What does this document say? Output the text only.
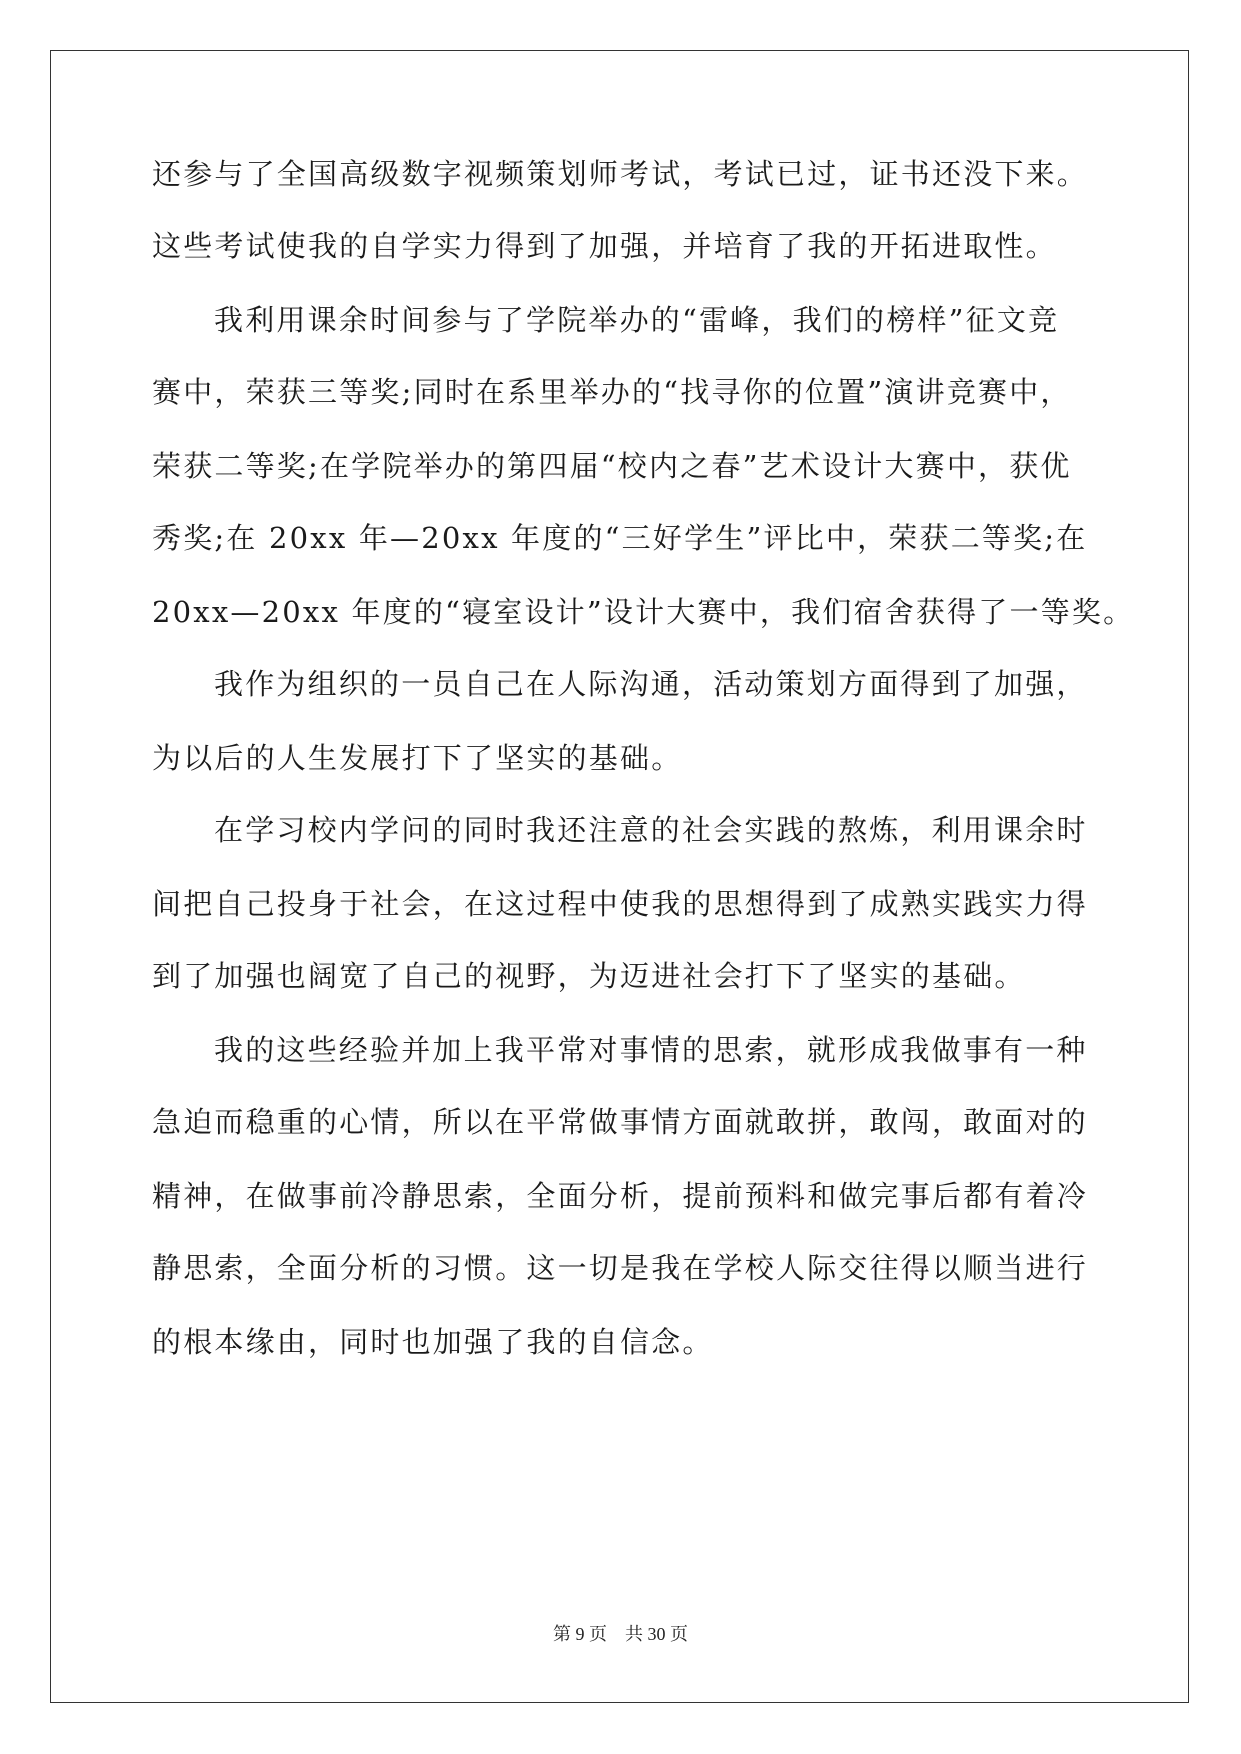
还参与了全国高级数字视频策划师考试，考试已过，证书还没下来。
这些考试使我的自学实力得到了加强，并培育了我的开拓进取性。
我利用课余时间参与了学院举办的“雷峰，我们的榜样”征文竞
赛中，荣获三等奖;同时在系里举办的“找寻你的位置”演讲竞赛中，
荣获二等奖;在学院举办的第四届“校内之春”艺术设计大赛中，获优
秀奖;在 20xx 年—20xx 年度的“三好学生”评比中，荣获二等奖;在
20xx—20xx 年度的“寝室设计”设计大赛中，我们宿舍获得了一等奖。
我作为组织的一员自己在人际沟通，活动策划方面得到了加强，
为以后的人生发展打下了坚实的基础。
在学习校内学问的同时我还注意的社会实践的熬炼，利用课余时
间把自己投身于社会，在这过程中使我的思想得到了成熟实践实力得
到了加强也阔宽了自己的视野，为迈进社会打下了坚实的基础。
我的这些经验并加上我平常对事情的思索，就形成我做事有一种
急迫而稳重的心情，所以在平常做事情方面就敢拼，敢闯，敢面对的
精神，在做事前冷静思索，全面分析，提前预料和做完事后都有着冷
静思索，全面分析的习惯。这一切是我在学校人际交往得以顺当进行
的根本缘由，同时也加强了我的自信念。
第 9 页 共 30 页
